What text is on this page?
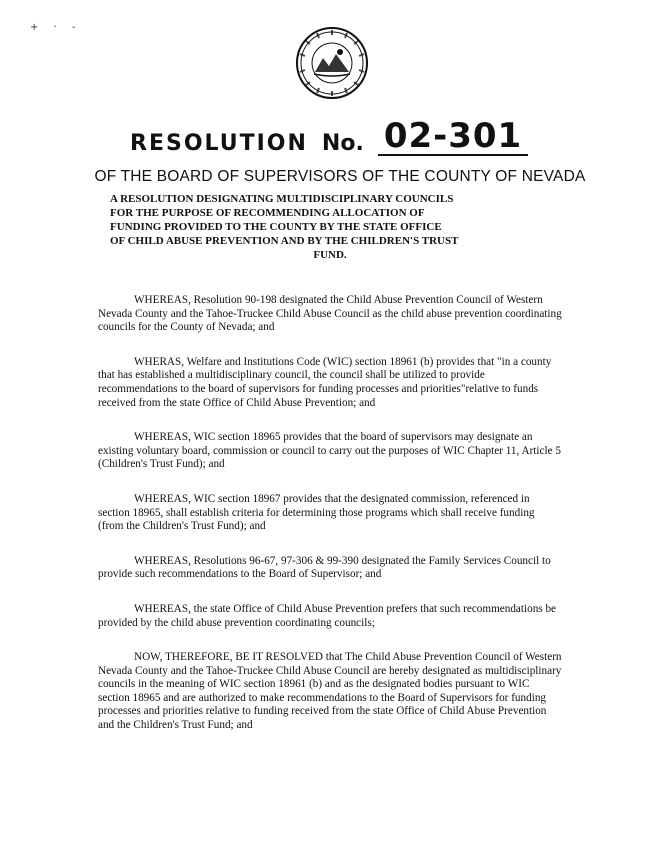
+ · -
RESOLUTION No. 02-301
OF THE BOARD OF SUPERVISORS OF THE COUNTY OF NEVADA

A RESOLUTION DESIGNATING MULTIDISCIPLINARY COUNCILS

FOR THE PURPOSE OF RECOMMENDING ALLOCATION OF

FUNDING PROVIDED TO THE COUNTY BY THE STATE OFFICE

OF CHILD ABUSE PREVENTION AND BY THE CHILDREN'S TRUST

FUND.

WHEREAS, Resolution 90-198 designated the Child Abuse Prevention Council of Western Nevada County and the Tahoe-Truckee Child Abuse Council as the child abuse prevention coordinating councils for the County of Nevada; and

WHERAS, Welfare and Institutions Code (WIC) section 18961 (b) provides that "in a county that has established a multidisciplinary council, the council shall be utilized to provide recommendations to the board of supervisors for funding processes and priorities"relative to funds received from the state Office of Child Abuse Prevention; and

WHEREAS, WIC section 18965 provides that the board of supervisors may designate an existing voluntary board, commission or council to carry out the purposes of WIC Chapter 11, Article 5 (Children's Trust Fund); and

WHEREAS, WIC section 18967 provides that the designated commission, referenced in section 18965, shall establish criteria for determining those programs which shall receive funding (from the Children's Trust Fund); and

WHEREAS, Resolutions 96-67, 97-306 & 99-390 designated the Family Services Council to provide such recommendations to the Board of Supervisor; and

WHEREAS, the state Office of Child Abuse Prevention prefers that such recommendations be provided by the child abuse prevention coordinating councils;

NOW, THEREFORE, BE IT RESOLVED that The Child Abuse Prevention Council of Western Nevada County and the Tahoe-Truckee Child Abuse Council are hereby designated as multidisciplinary councils in the meaning of WIC section 18961 (b) and as the designated bodies pursuant to WIC section 18965 and are authorized to make recommendations to the Board of Supervisors for funding processes and priorities relative to funding received from the state Office of Child Abuse Prevention and the Children's Trust Fund; and
